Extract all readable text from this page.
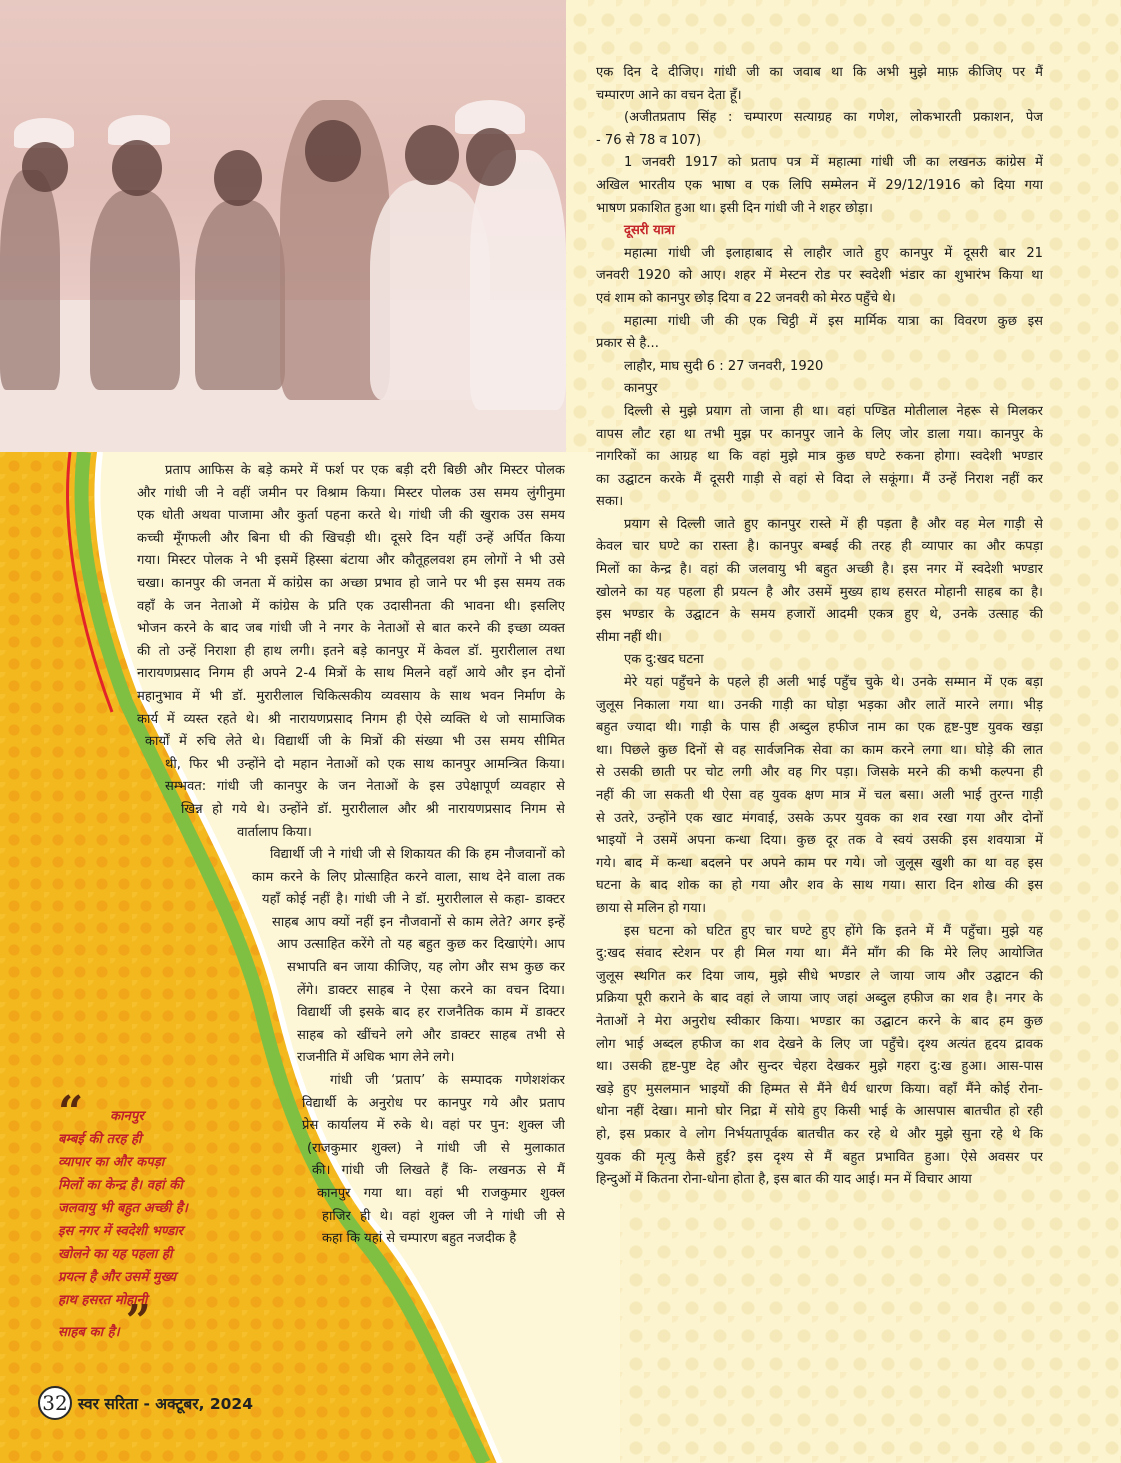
प्रताप आफिस के बड़े कमरे में फर्श पर एक बड़ी दरी बिछी और मिस्टर पोलक
और गांधी जी ने वहीं जमीन पर विश्राम किया। मिस्टर पोलक उस समय लुंगीनुमा
एक धोती अथवा पाजामा और कुर्ता पहना करते थे। गांधी जी की खुराक उस समय
कच्ची मूँगफली और बिना घी की खिचड़ी थी। दूसरे दिन यहीं उन्हें अर्पित किया
गया। मिस्टर पोलक ने भी इसमें हिस्सा बंटाया और कौतूहलवश हम लोगों ने भी उसे
चखा। कानपुर की जनता में कांग्रेस का अच्छा प्रभाव हो जाने पर भी इस समय तक
वहाँ के जन नेताओ में कांग्रेस के प्रति एक उदासीनता की भावना थी। इसलिए
भोजन करने के बाद जब गांधी जी ने नगर के नेताओं से बात करने की इच्छा व्यक्त
की तो उन्हें निराशा ही हाथ लगी। इतने बड़े कानपुर में केवल डॉ. मुरारीलाल तथा
नारायणप्रसाद निगम ही अपने 2-4 मित्रों के साथ मिलने वहाँ आये और इन दोनों
महानुभाव में भी डॉ. मुरारीलाल चिकित्सकीय व्यवसाय के साथ भवन निर्माण के
कार्य में व्यस्त रहते थे। श्री नारायणप्रसाद निगम ही ऐसे व्यक्ति थे जो सामाजिक
कार्यों में रुचि लेते थे। विद्यार्थी जी के मित्रों की संख्या भी उस समय सीमित
थी, फिर भी उन्होंने दो महान नेताओं को एक साथ कानपुर आमन्त्रित किया।
सम्भवत: गांधी जी कानपुर के जन नेताओं के इस उपेक्षापूर्ण व्यवहार से
खिन्न हो गये थे। उन्होंने डॉ. मुरारीलाल और श्री नारायणप्रसाद निगम से
वार्तालाप किया।
विद्यार्थी जी ने गांधी जी से शिकायत की कि हम नौजवानों को
काम करने के लिए प्रोत्साहित करने वाला, साथ देने वाला तक
यहाँ कोई नहीं है। गांधी जी ने डॉ. मुरारीलाल से कहा- डाक्टर
साहब आप क्यों नहीं इन नौजवानों से काम लेते? अगर इन्हें
आप उत्साहित करेंगे तो यह बहुत कुछ कर दिखाएंगे। आप
सभापति बन जाया कीजिए, यह लोग और सभ कुछ कर
लेंगे। डाक्टर साहब ने ऐसा करने का वचन दिया।
विद्यार्थी जी इसके बाद हर राजनैतिक काम में डाक्टर
साहब को खींचने लगे और डाक्टर साहब तभी से
राजनीति में अधिक भाग लेने लगे।
गांधी जी ‘प्रताप’ के सम्पादक गणेशशंकर
विद्यार्थी के अनुरोध पर कानपुर गये और प्रताप
प्रेस कार्यालय में रुके थे। वहां पर पुन: शुक्ल जी
(राजकुमार शुक्ल) ने गांधी जी से मुलाकात
की। गांधी जी लिखते हैं कि- लखनऊ से मैं
कानपुर गया था। वहां भी राजकुमार शुक्ल
हाजिर ही थे। वहां शुक्ल जी ने गांधी जी से
कहा कि यहां से चम्पारण बहुत नजदीक है
एक दिन दे दीजिए। गांधी जी का जवाब था कि अभी मुझे माफ़ कीजिए पर मैं
चम्पारण आने का वचन देता हूँ।
(अजीतप्रताप सिंह : चम्पारण सत्याग्रह का गणेश, लोकभारती प्रकाशन, पेज
- 76 से 78 व 107)
1 जनवरी 1917 को प्रताप पत्र में महात्मा गांधी जी का लखनऊ कांग्रेस में
अखिल भारतीय एक भाषा व एक लिपि सम्मेलन में 29/12/1916 को दिया गया
भाषण प्रकाशित हुआ था। इसी दिन गांधी जी ने शहर छोड़ा।
दूसरी यात्रा
महात्मा गांधी जी इलाहाबाद से लाहौर जाते हुए कानपुर में दूसरी बार 21
जनवरी 1920 को आए। शहर में मेस्टन रोड पर स्वदेशी भंडार का शुभारंभ किया था
एवं शाम को कानपुर छोड़ दिया व 22 जनवरी को मेरठ पहुँचे थे।
महात्मा गांधी जी की एक चिट्ठी में इस मार्मिक यात्रा का विवरण कुछ इस
प्रकार से है...
लाहौर, माघ सुदी 6 : 27 जनवरी, 1920
कानपुर
दिल्ली से मुझे प्रयाग तो जाना ही था। वहां पण्डित मोतीलाल नेहरू से मिलकर
वापस लौट रहा था तभी मुझ पर कानपुर जाने के लिए जोर डाला गया। कानपुर के
नागरिकों का आग्रह था कि वहां मुझे मात्र कुछ घण्टे रुकना होगा। स्वदेशी भण्डार
का उद्घाटन करके मैं दूसरी गाड़ी से वहां से विदा ले सकूंगा। मैं उन्हें निराश नहीं कर
सका।
प्रयाग से दिल्ली जाते हुए कानपुर रास्ते में ही पड़ता है और वह मेल गाड़ी से
केवल चार घण्टे का रास्ता है। कानपुर बम्बई की तरह ही व्यापार का और कपड़ा
मिलों का केन्द्र है। वहां की जलवायु भी बहुत अच्छी है। इस नगर में स्वदेशी भण्डार
खोलने का यह पहला ही प्रयत्न है और उसमें मुख्य हाथ हसरत मोहानी साहब का है।
इस भण्डार के उद्घाटन के समय हजारों आदमी एकत्र हुए थे, उनके उत्साह की
सीमा नहीं थी।
एक दु:खद घटना
मेरे यहां पहुँचने के पहले ही अली भाई पहुँच चुके थे। उनके सम्मान में एक बड़ा
जुलूस निकाला गया था। उनकी गाड़ी का घोड़ा भड़का और लातें मारने लगा। भीड़
बहुत ज्यादा थी। गाड़ी के पास ही अब्दुल हफीज नाम का एक हृष्ट-पुष्ट युवक खड़ा
था। पिछले कुछ दिनों से वह सार्वजनिक सेवा का काम करने लगा था। घोड़े की लात
से उसकी छाती पर चोट लगी और वह गिर पड़ा। जिसके मरने की कभी कल्पना ही
नहीं की जा सकती थी ऐसा वह युवक क्षण मात्र में चल बसा। अली भाई तुरन्त गाड़ी
से उतरे, उन्होंने एक खाट मंगवाई, उसके ऊपर युवक का शव रखा गया और दोनों
भाइयों ने उसमें अपना कन्धा दिया। कुछ दूर तक वे स्वयं उसकी इस शवयात्रा में
गये। बाद में कन्धा बदलने पर अपने काम पर गये। जो जुलूस खुशी का था वह इस
घटना के बाद शोक का हो गया और शव के साथ गया। सारा दिन शोख की इस
छाया से मलिन हो गया।
इस घटना को घटित हुए चार घण्टे हुए होंगे कि इतने में मैं पहुँचा। मुझे यह
दु:खद संवाद स्टेशन पर ही मिल गया था। मैंने माँग की कि मेरे लिए आयोजित
जुलूस स्थगित कर दिया जाय, मुझे सीधे भण्डार ले जाया जाय और उद्घाटन की
प्रक्रिया पूरी कराने के बाद वहां ले जाया जाए जहां अब्दुल हफीज का शव है। नगर के
नेताओं ने मेरा अनुरोध स्वीकार किया। भण्डार का उद्घाटन करने के बाद हम कुछ
लोग भाई अब्दल हफीज का शव देखने के लिए जा पहुँचे। दृश्य अत्यंत हृदय द्रावक
था। उसकी हृष्ट-पुष्ट देह और सुन्दर चेहरा देखकर मुझे गहरा दु:ख हुआ। आस-पास
खड़े हुए मुसलमान भाइयों की हिम्मत से मैंने धैर्य धारण किया। वहाँ मैंने कोई रोना-
धोना नहीं देखा। मानो घोर निद्रा में सोये हुए किसी भाई के आसपास बातचीत हो रही
हो, इस प्रकार वे लोग निर्भयतापूर्वक बातचीत कर रहे थे और मुझे सुना रहे थे कि
युवक की मृत्यु कैसे हुई? इस दृश्य से मैं बहुत प्रभावित हुआ। ऐसे अवसर पर
हिन्दुओं में कितना रोना-धोना होता है, इस बात की याद आई। मन में विचार आया
“	कानपुर
बम्बई की तरह ही
व्यापार का और कपड़ा
मिलों का केन्द्र है। वहां की
जलवायु भी बहुत अच्छी है।
इस नगर में स्वदेशी भण्डार
खोलने का यह पहला ही
प्रयत्न है और उसमें मुख्य
हाथ हसरत मोहानी
साहब का है। ”
32 स्वर सरिता - अक्टूबर, 2024
